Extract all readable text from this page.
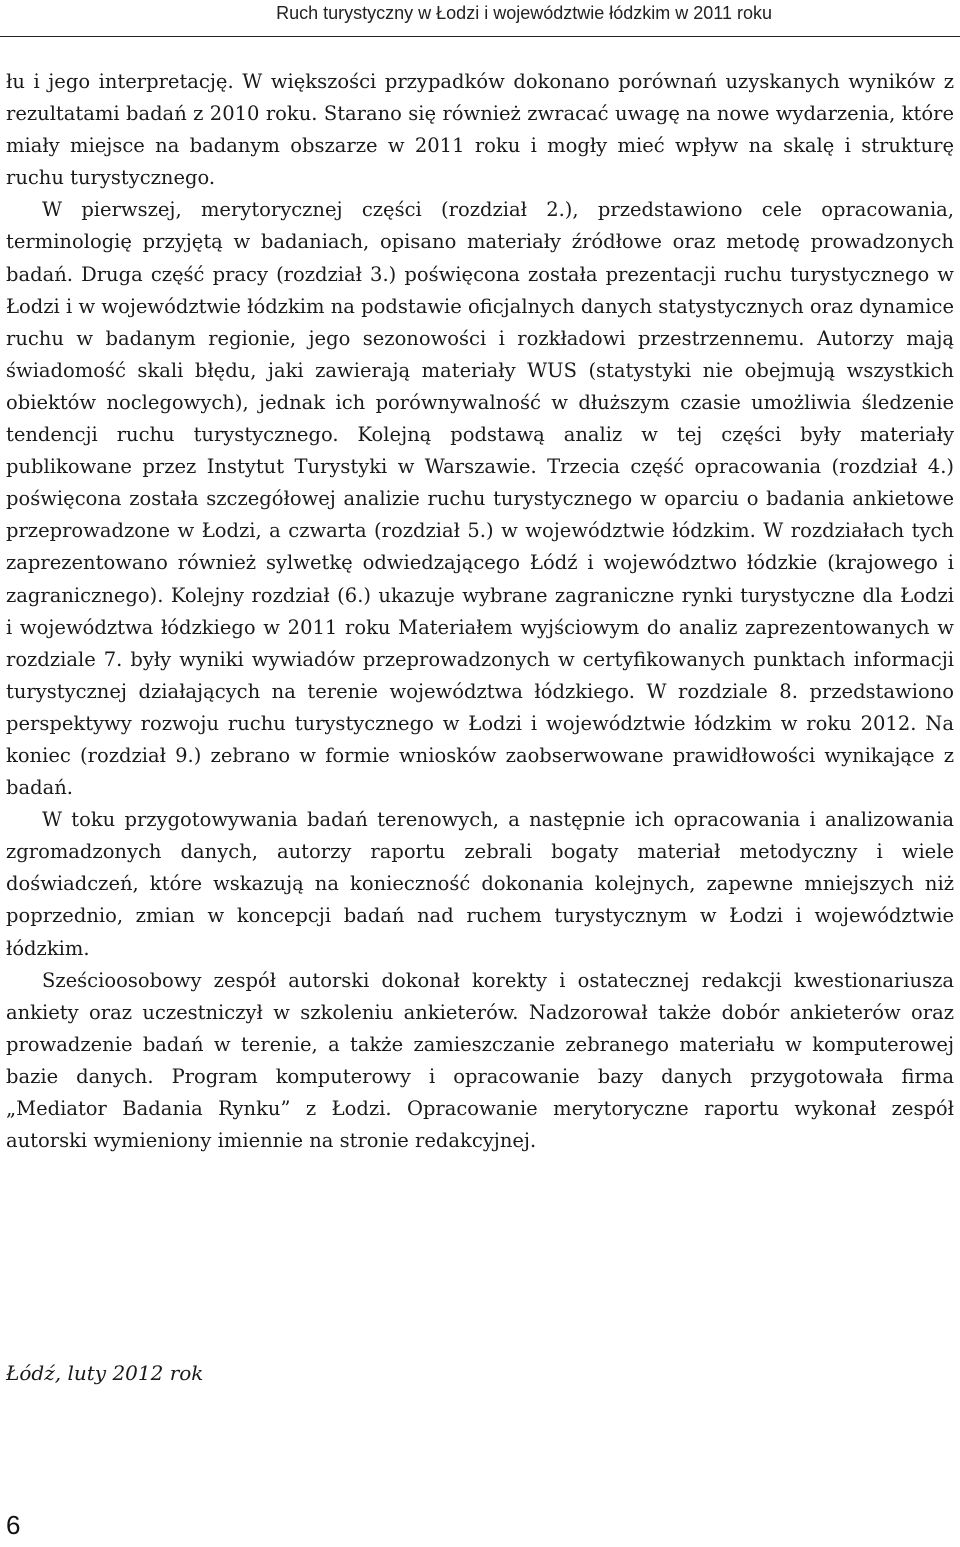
Ruch turystyczny w Łodzi i województwie łódzkim w 2011 roku

łu i jego interpretację. W większości przypadków dokonano porównań uzyskanych wyników z rezultatami badań z 2010 roku. Starano się również zwracać uwagę na nowe wydarzenia, które miały miejsce na badanym obszarze w 2011 roku i mogły mieć wpływ na skalę i strukturę ruchu turystycznego.

W pierwszej, merytorycznej części (rozdział 2.), przedstawiono cele opracowania, terminologię przyjętą w badaniach, opisano materiały źródłowe oraz metodę prowadzonych badań. Druga część pracy (rozdział 3.) poświęcona została prezentacji ruchu turystycznego w Łodzi i w województwie łódzkim na podstawie oficjalnych danych statystycznych oraz dynamice ruchu w badanym regionie, jego sezonowości i rozkładowi przestrzennemu. Autorzy mają świadomość skali błędu, jaki zawierają materiały WUS (statystyki nie obejmują wszystkich obiektów noclegowych), jednak ich porównywalność w dłuższym czasie umożliwia śledzenie tendencji ruchu turystycznego. Kolejną podstawą analiz w tej części były materiały publikowane przez Instytut Turystyki w Warszawie. Trzecia część opracowania (rozdział 4.) poświęcona została szczegółowej analizie ruchu turystycznego w oparciu o badania ankietowe przeprowadzone w Łodzi, a czwarta (rozdział 5.) w województwie łódzkim. W rozdziałach tych zaprezentowano również sylwetkę odwiedzającego Łódź i województwo łódzkie (krajowego i zagranicznego). Kolejny rozdział (6.) ukazuje wybrane zagraniczne rynki turystyczne dla Łodzi i województwa łódzkiego w 2011 roku Materiałem wyjściowym do analiz zaprezentowanych w rozdziale 7. były wyniki wywiadów przeprowadzonych w certyfikowanych punktach informacji turystycznej działających na terenie województwa łódzkiego. W rozdziale 8. przedstawiono perspektywy rozwoju ruchu turystycznego w Łodzi i województwie łódzkim w roku 2012. Na koniec (rozdział 9.) zebrano w formie wniosków zaobserwowane prawidłowości wynikające z badań.

W toku przygotowywania badań terenowych, a następnie ich opracowania i analizowania zgromadzonych danych, autorzy raportu zebrali bogaty materiał metodyczny i wiele doświadczeń, które wskazują na konieczność dokonania kolejnych, zapewne mniejszych niż poprzednio, zmian w koncepcji badań nad ruchem turystycznym w Łodzi i województwie łódzkim.

Sześcioosobowy zespół autorski dokonał korekty i ostatecznej redakcji kwestionariusza ankiety oraz uczestniczył w szkoleniu ankieterów. Nadzorował także dobór ankieterów oraz prowadzenie badań w terenie, a także zamieszczanie zebranego materiału w komputerowej bazie danych. Program komputerowy i opracowanie bazy danych przygotowała firma „Mediator Badania Rynku” z Łodzi. Opracowanie merytoryczne raportu wykonał zespół autorski wymieniony imiennie na stronie redakcyjnej.

Łódź, luty 2012 rok
6
